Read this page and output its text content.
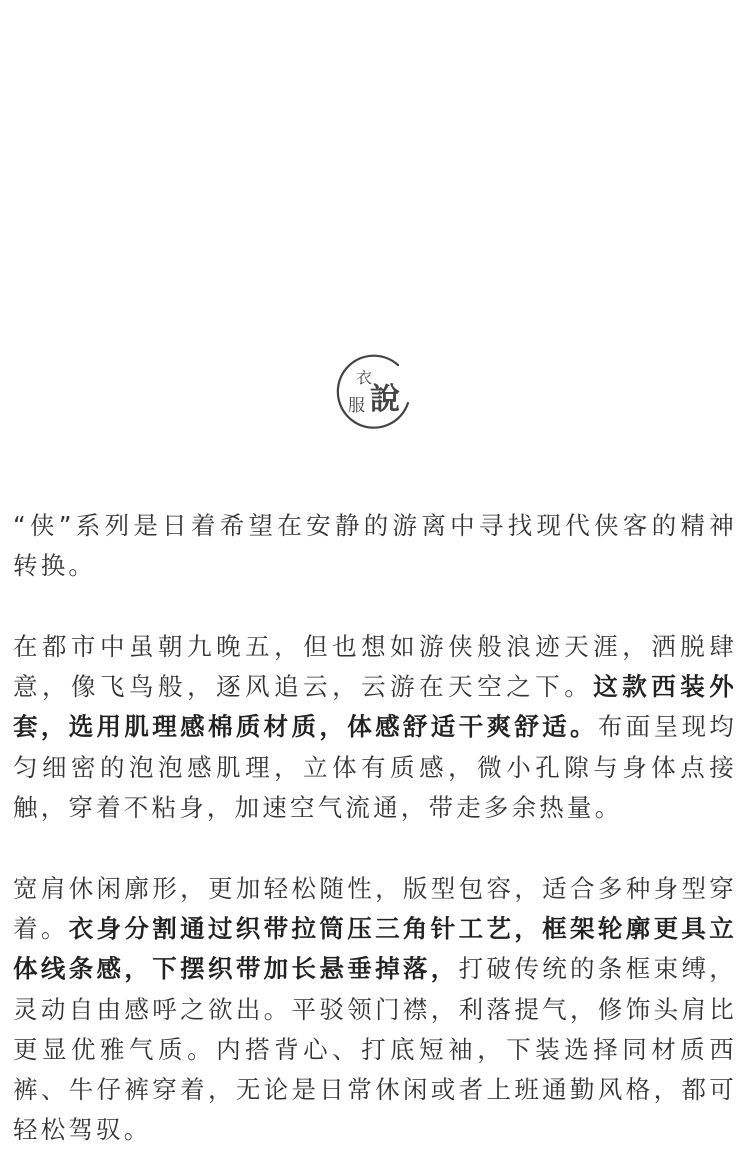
衣
服 說

“侠”系列是日着希望在安静的游离中寻找现代侠客的精神转换。

在都市中虽朝九晚五，但也想如游侠般浪迹天涯，洒脱肆意，像飞鸟般，逐风追云，云游在天空之下。这款西装外套，选用肌理感棉质材质，体感舒适干爽舒适。布面呈现均匀细密的泡泡感肌理，立体有质感，微小孔隙与身体点接触，穿着不粘身，加速空气流通，带走多余热量。

宽肩休闲廓形，更加轻松随性，版型包容，适合多种身型穿着。衣身分割通过织带拉筒压三角针工艺，框架轮廓更具立体线条感，下摆织带加长悬垂掉落，打破传统的条框束缚，灵动自由感呼之欲出。平驳领门襟，利落提气，修饰头肩比更显优雅气质。内搭背心、打底短袖，下装选择同材质西裤、牛仔裤穿着，无论是日常休闲或者上班通勤风格，都可轻松驾驭。
